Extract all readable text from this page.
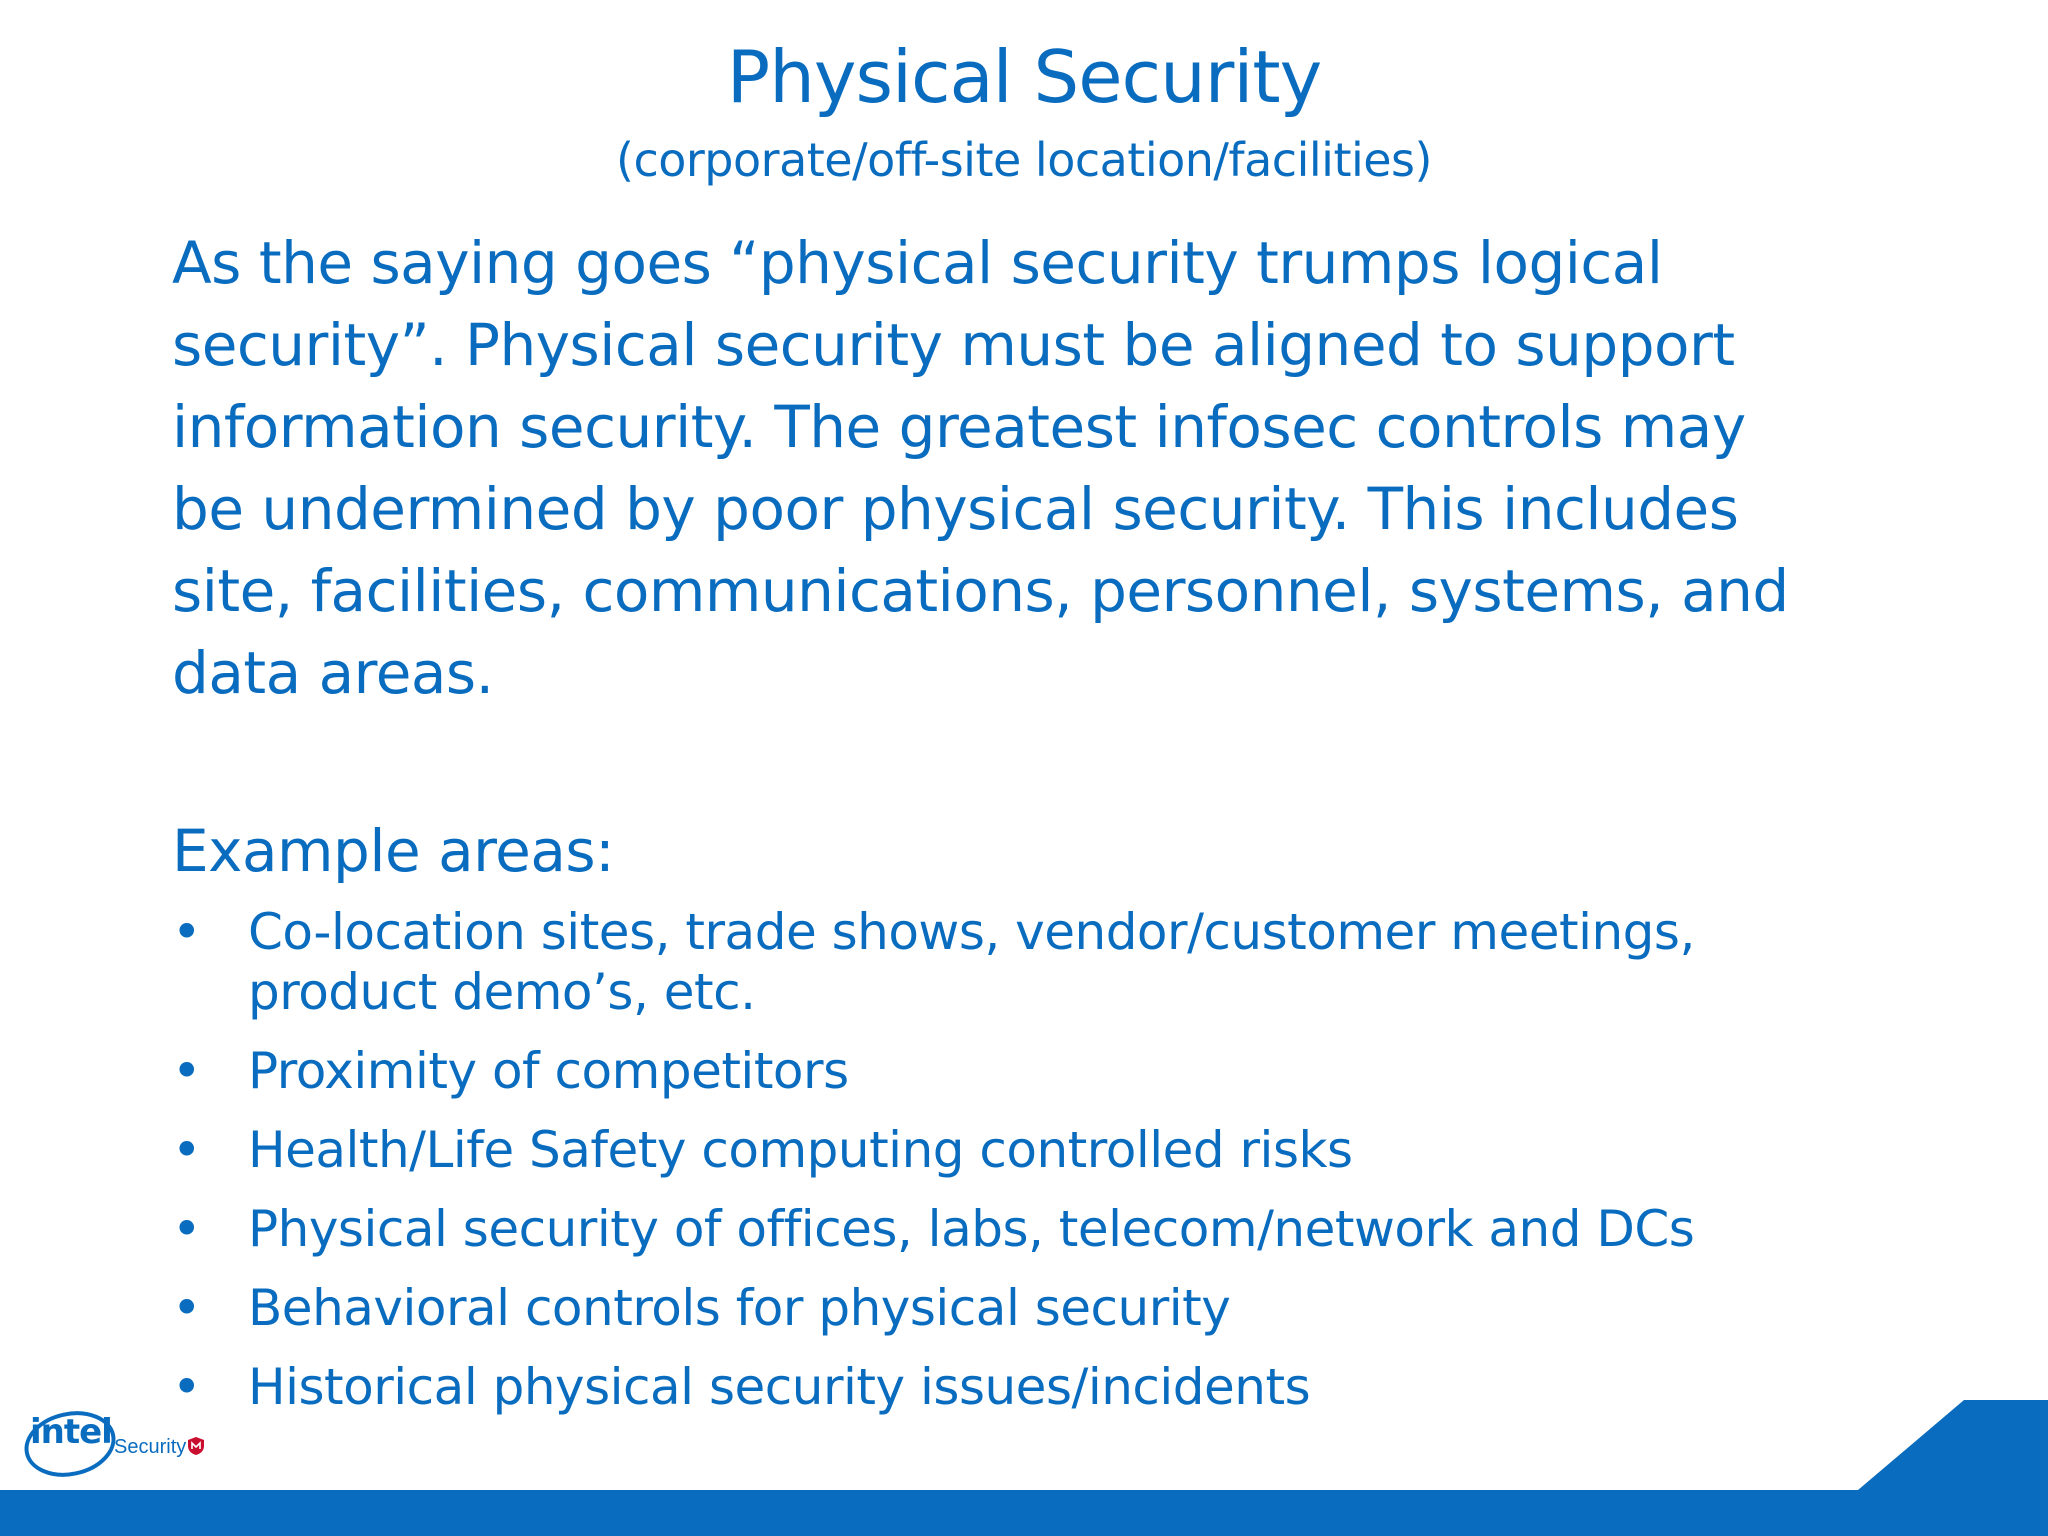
Physical Security
(corporate/off-site location/facilities)
As the saying goes “physical security trumps logical
security”. Physical security must be aligned to support
information security. The greatest infosec controls may
be undermined by poor physical security. This includes
site, facilities, communications, personnel, systems, and
data areas.
Example areas:
• Co-location sites, trade shows, vendor/customer meetings,
product demo’s, etc.
• Proximity of competitors
• Health/Life Safety computing controlled risks
• Physical security of offices, labs, telecom/network and DCs
• Behavioral controls for physical security
• Historical physical security issues/incidents
intel Security
